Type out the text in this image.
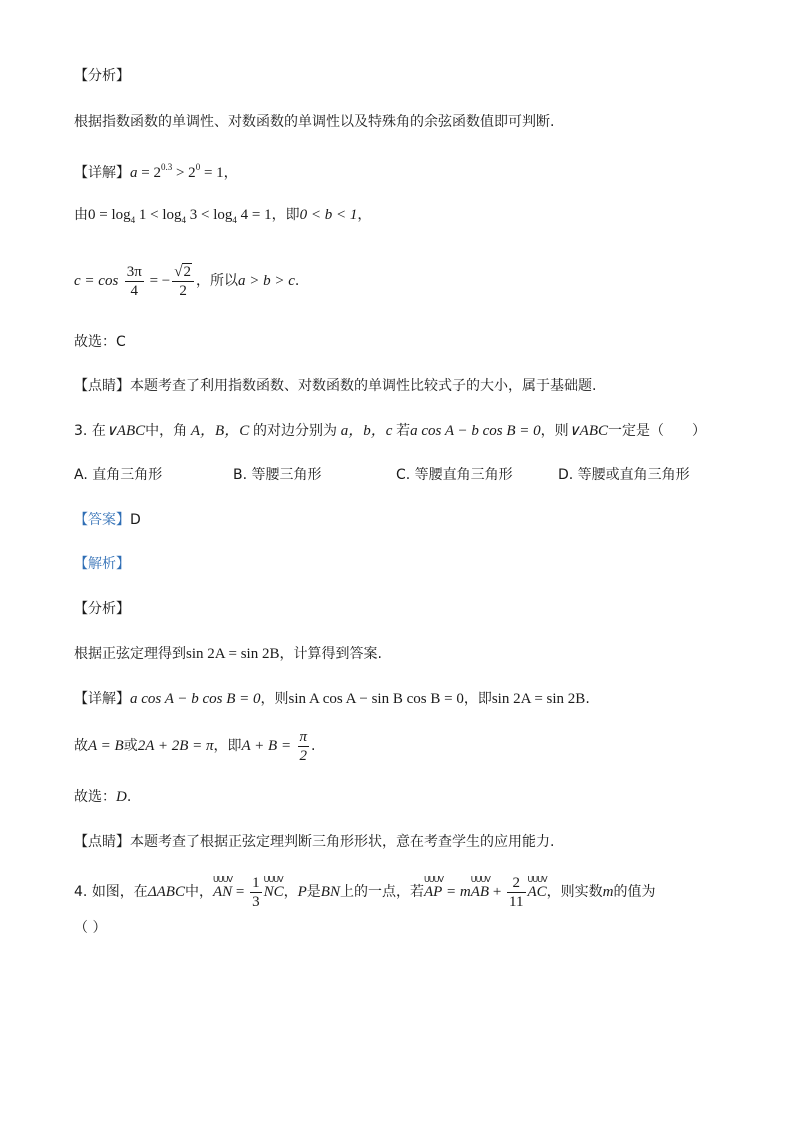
【分析】
根据指数函数的单调性、对数函数的单调性以及特殊角的余弦函数值即可判断.
【详解】$a = 2^{0.3} > 2^0 = 1$，
由$0 = \log_4 1 < \log_4 3 < \log_4 4 = 1$，即0 < b < 1，
$c = \cos \frac{3\pi}{4}$ = − $\frac{√2}{2}$ ，所以a > b > c.
故选：C
【点睛】本题考查了利用指数函数、对数函数的单调性比较式子的大小，属于基础题.
3. 在∨ABC中，角 A，B，C 的对边分别为 a，b，c 若a cos A − b cos B = 0，则∨ABC一定是（　　）
A. 直角三角形	B. 等腰三角形	C. 等腰直角三角形	D. 等腰或直角三角形
【答案】D
【解析】
【分析】
根据正弦定理得到sin 2A = sin 2B，计算得到答案.
【详解】a cos A − b cos B = 0，则sin A cos A − sin B cos B = 0，即sin 2A = sin 2B.
故A = B或2A + 2B = π，即$A + B = \frac{\pi}{2}$ .
故选：D.
【点睛】本题考查了根据正弦定理判断三角形形状，意在考查学生的应用能力.
4. 如图，在ΔABC中，
UUUV
AN = $\frac{1}{3}$ UUUV
NC，P是BN上的一点，若
UUUV
AP = m
UUUV
AB + $\frac{2}{11}$ UUUV
AC，则实数m的值为
（ ）
